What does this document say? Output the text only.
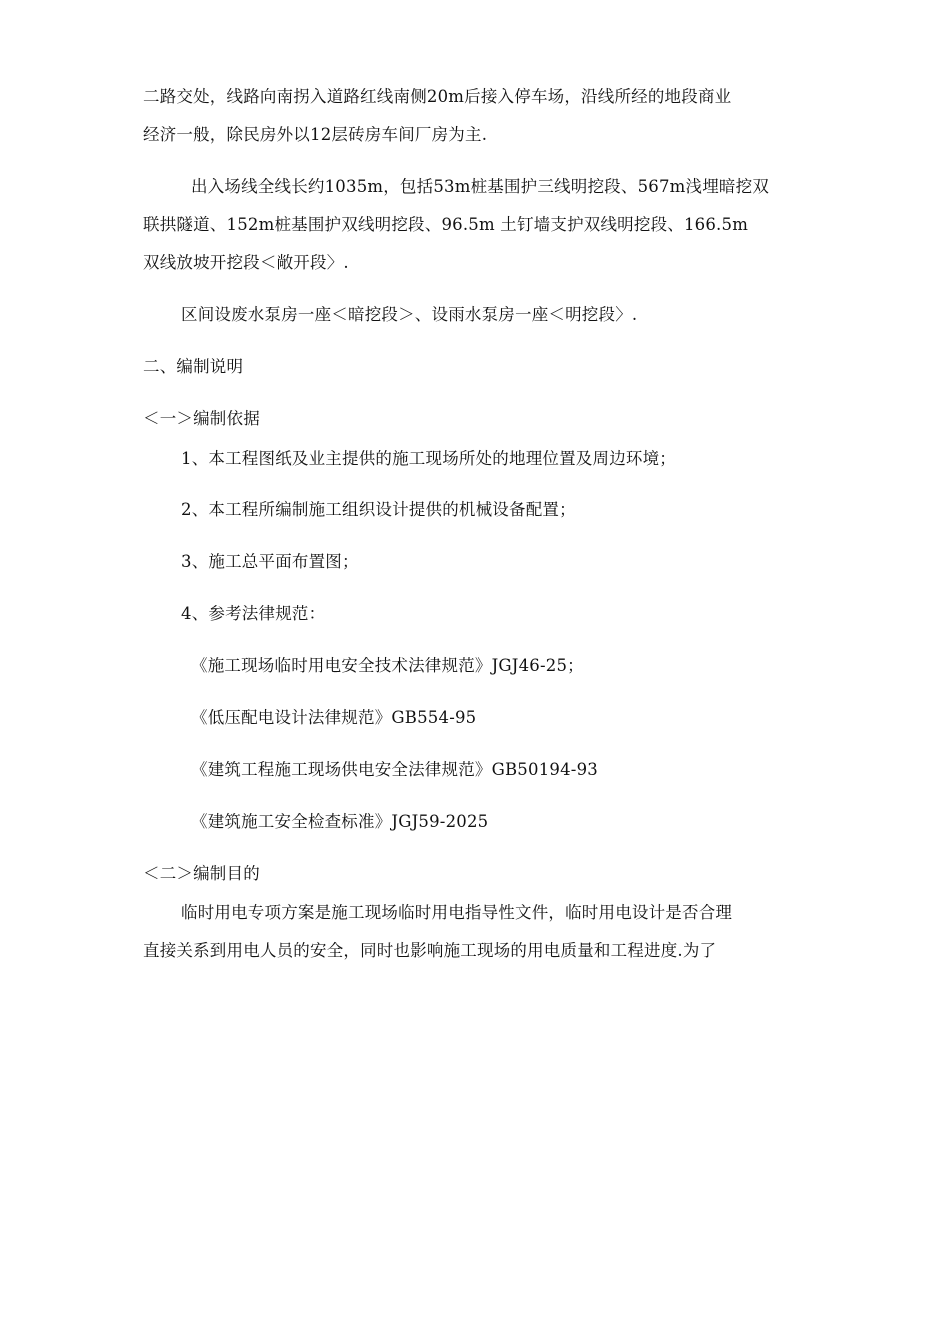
二路交处，线路向南拐入道路红线南侧20m后接入停车场，沿线所经的地段商业
经济一般，除民房外以12层砖房车间厂房为主.
出入场线全线长约1035m，包括53m桩基围护三线明挖段、567m浅埋暗挖双
联拱隧道、152m桩基围护双线明挖段、96.5m 土钉墙支护双线明挖段、166.5m
双线放坡开挖段＜敞开段〉.
区间设废水泵房一座＜暗挖段＞、设雨水泵房一座＜明挖段〉.
二、编制说明
＜一＞编制依据
1、本工程图纸及业主提供的施工现场所处的地理位置及周边环境；
2、本工程所编制施工组织设计提供的机械设备配置；
3、施工总平面布置图；
4、参考法律规范：
《施工现场临时用电安全技术法律规范》JGJ46-25；
《低压配电设计法律规范》GB554-95
《建筑工程施工现场供电安全法律规范》GB50194-93
《建筑施工安全检查标准》JGJ59-2025
＜二＞编制目的
临时用电专项方案是施工现场临时用电指导性文件，临时用电设计是否合理
直接关系到用电人员的安全，同时也影响施工现场的用电质量和工程进度.为了
